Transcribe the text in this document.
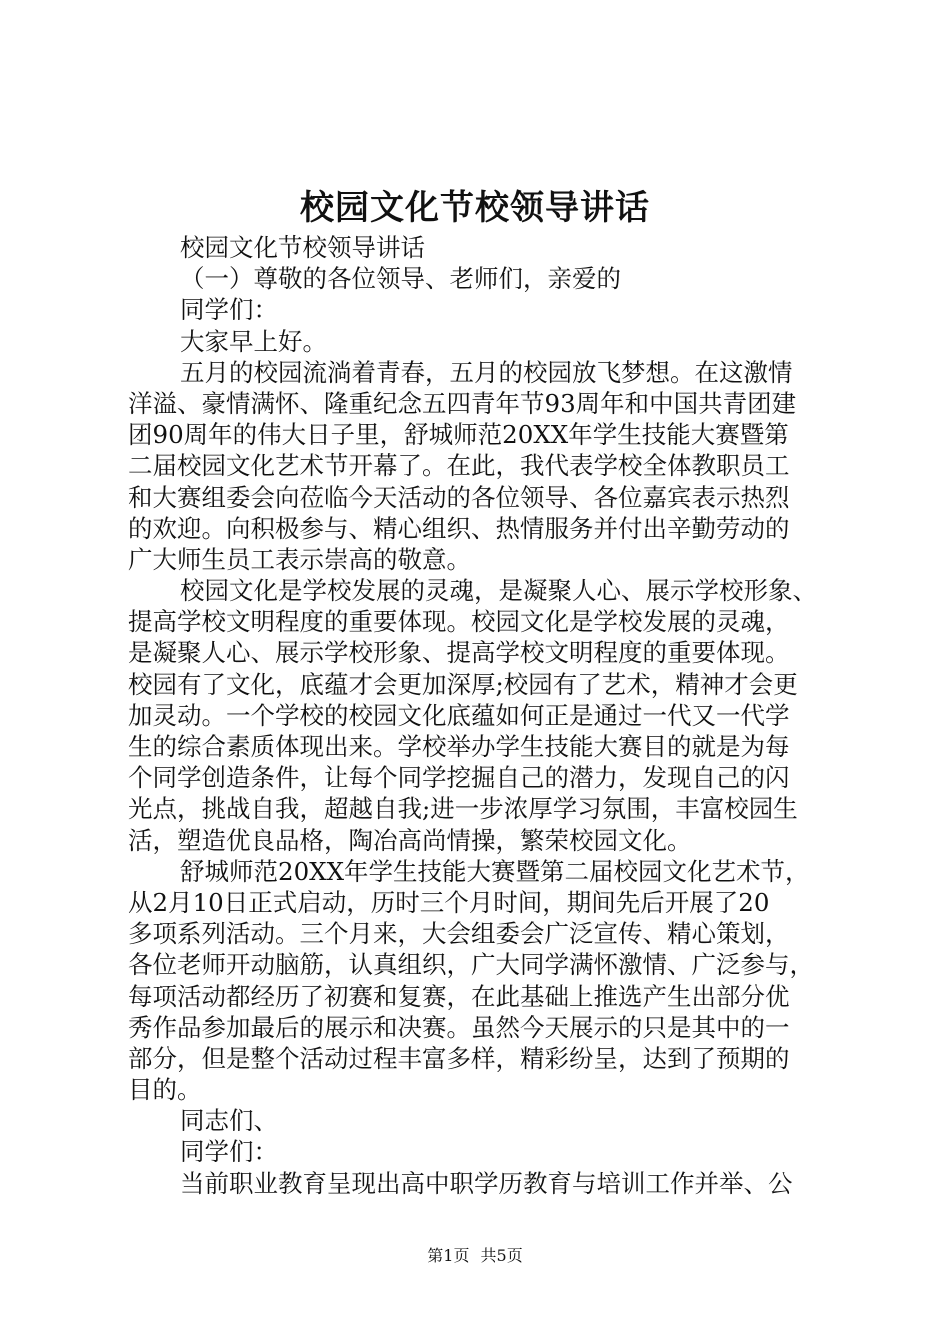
校园文化节校领导讲话
校园文化节校领导讲话
（一）尊敬的各位领导、老师们，亲爱的
同学们：
大家早上好。
五月的校园流淌着青春，五月的校园放飞梦想。在这激情
洋溢、豪情满怀、隆重纪念五四青年节93周年和中国共青团建
团90周年的伟大日子里，舒城师范20XX年学生技能大赛暨第
二届校园文化艺术节开幕了。在此，我代表学校全体教职员工
和大赛组委会向莅临今天活动的各位领导、各位嘉宾表示热烈
的欢迎。向积极参与、精心组织、热情服务并付出辛勤劳动的
广大师生员工表示崇高的敬意。
校园文化是学校发展的灵魂，是凝聚人心、展示学校形象、
提高学校文明程度的重要体现。校园文化是学校发展的灵魂，
是凝聚人心、展示学校形象、提高学校文明程度的重要体现。
校园有了文化，底蕴才会更加深厚;校园有了艺术，精神才会更
加灵动。一个学校的校园文化底蕴如何正是通过一代又一代学
生的综合素质体现出来。学校举办学生技能大赛目的就是为每
个同学创造条件，让每个同学挖掘自己的潜力，发现自己的闪
光点，挑战自我，超越自我;进一步浓厚学习氛围，丰富校园生
活，塑造优良品格，陶冶高尚情操，繁荣校园文化。
舒城师范20XX年学生技能大赛暨第二届校园文化艺术节，
从2月10日正式启动，历时三个月时间，期间先后开展了20
多项系列活动。三个月来，大会组委会广泛宣传、精心策划，
各位老师开动脑筋，认真组织，广大同学满怀激情、广泛参与，
每项活动都经历了初赛和复赛，在此基础上推选产生出部分优
秀作品参加最后的展示和决赛。虽然今天展示的只是其中的一
部分，但是整个活动过程丰富多样，精彩纷呈，达到了预期的
目的。
同志们、
同学们：
当前职业教育呈现出高中职学历教育与培训工作并举、公
第1页 共5页
